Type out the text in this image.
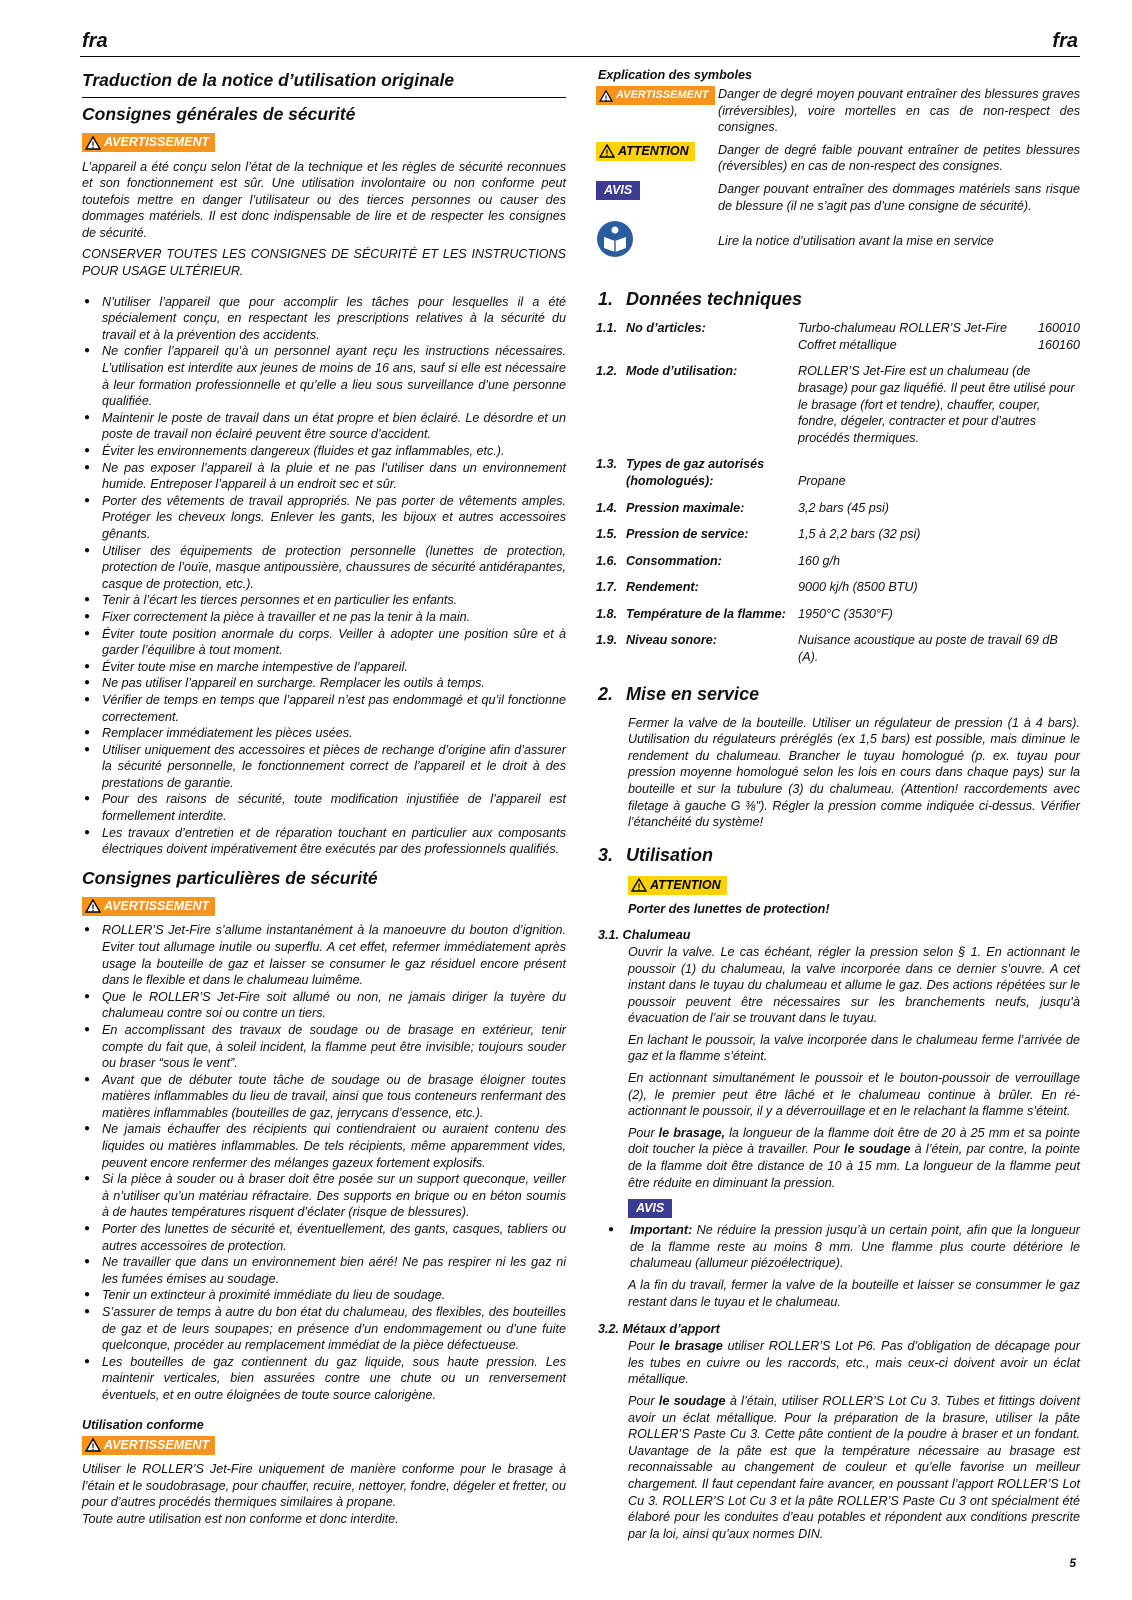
fra	fra
Traduction de la notice d’utilisation originale
Consignes générales de sécurité
! AVERTISSEMENT
L’appareil a été conçu selon l’état de la technique et les règles de sécurité reconnues et son fonctionnement est sûr. Une utilisation involontaire ou non conforme peut toutefois mettre en danger l’utilisateur ou des tierces personnes ou causer des dommages matériels. Il est donc indispensable de lire et de respecter les consignes de sécurité.
CONSERVER TOUTES LES CONSIGNES DE SÉCURITÉ ET LES INSTRUCTIONS POUR USAGE ULTÉRIEUR.
● N’utiliser l’appareil que pour accomplir les tâches pour lesquelles il a été spécialement conçu, en respectant les prescriptions relatives à la sécurité du travail et à la prévention des accidents.
● Ne confier l’appareil qu’à un personnel ayant reçu les instructions nécessaires. L’utilisation est interdite aux jeunes de moins de 16 ans, sauf si elle est nécessaire à leur formation professionnelle et qu’elle a lieu sous surveillance d’une personne qualifiée.
● Maintenir le poste de travail dans un état propre et bien éclairé. Le désordre et un poste de travail non éclairé peuvent être source d’accident.
● Éviter les environnements dangereux (fluides et gaz inflammables, etc.).
● Ne pas exposer l’appareil à la pluie et ne pas l’utiliser dans un environnement humide. Entreposer l’appareil à un endroit sec et sûr.
● Porter des vêtements de travail appropriés. Ne pas porter de vêtements amples. Protéger les cheveux longs. Enlever les gants, les bijoux et autres accessoires gênants.
● Utiliser des équipements de protection personnelle (lunettes de protection, protection de l’ouïe, masque antipoussière, chaussures de sécurité antidérapantes, casque de protection, etc.).
● Tenir à l’écart les tierces personnes et en particulier les enfants.
● Fixer correctement la pièce à travailler et ne pas la tenir à la main.
● Éviter toute position anormale du corps. Veiller à adopter une position sûre et à garder l’équilibre à tout moment.
● Éviter toute mise en marche intempestive de l’appareil.
● Ne pas utiliser l’appareil en surcharge. Remplacer les outils à temps.
● Vérifier de temps en temps que l’appareil n’est pas endommagé et qu’il fonctionne correctement.
● Remplacer immédiatement les pièces usées.
● Utiliser uniquement des accessoires et pièces de rechange d’origine afin d’assurer la sécurité personnelle, le fonctionnement correct de l’appareil et le droit à des prestations de garantie.
● Pour des raisons de sécurité, toute modification injustifiée de l’appareil est formellement interdite.
● Les travaux d’entretien et de réparation touchant en particulier aux composants électriques doivent impérativement être exécutés par des professionnels qualifiés.
Consignes particulières de sécurité
! AVERTISSEMENT
● ROLLER’S Jet-Fire s’allume instantanément à la manoeuvre du bouton d’ignition. Eviter tout allumage inutile ou superflu. A cet effet, refermer immédiatement après usage la bouteille de gaz et laisser se consumer le gaz résiduel encore présent dans le flexible et dans le chalumeau luimême.
● Que le ROLLER’S Jet-Fire soit allumé ou non, ne jamais diriger la tuyère du chalumeau contre soi ou contre un tiers.
● En accomplissant des travaux de soudage ou de brasage en extérieur, tenir compte du fait que, à soleil incident, la flamme peut être invisible; toujours souder ou braser “sous le vent”.
● Avant que de débuter toute tâche de soudage ou de brasage éloigner toutes matières inflammables du lieu de travail, ainsi que tous conteneurs renfermant des matières inflammables (bouteilles de gaz, jerrycans d’essence, etc.).
● Ne jamais échauffer des récipients qui contiendraient ou auraient contenu des liquides ou matières inflammables. De tels récipients, même apparemment vides, peuvent encore renfermer des mélanges gazeux fortement explosifs.
● Si la pièce à souder ou à braser doit être posée sur un support queconque, veiller à n’utiliser qu’un matériau réfractaire. Des supports en brique ou en béton soumis à de hautes températures risquent d’éclater (risque de blessures).
● Porter des lunettes de sécurité et, éventuellement, des gants, casques, tabliers ou autres accessoires de protection.
● Ne travailler que dans un environnement bien aéré! Ne pas respirer ni les gaz ni les fumées émises au soudage.
● Tenir un extincteur à proximité immédiate du lieu de soudage.
● S’assurer de temps à autre du bon état du chalumeau, des flexibles, des bouteilles de gaz et de leurs soupapes; en présence d’un endommagement ou d’une fuite quelconque, procéder au remplacement immédiat de la pièce défectueuse.
● Les bouteilles de gaz contiennent du gaz liquide, sous haute pression. Les maintenir verticales, bien assurées contre une chute ou un renversement éventuels, et en outre éloignées de toute source calorigène.
Utilisation conforme
! AVERTISSEMENT
Utiliser le ROLLER’S Jet-Fire uniquement de manière conforme pour le brasage à l’étain et le soudobrasage, pour chauffer, recuire, nettoyer, fondre, dégeler et fretter, ou pour d’autres procédés thermiques similaires à propane.
Toute autre utilisation est non conforme et donc interdite.
Explication des symboles
! AVERTISSEMENT Danger de degré moyen pouvant entraîner des blessures graves (irréversibles), voire mortelles en cas de non-respect des consignes.
! ATTENTION Danger de degré faible pouvant entraîner de petites blessures (réversibles) en cas de non-respect des consignes.
AVIS	Danger pouvant entraîner des dommages matériels sans risque de blessure (il ne s’agit pas d’une consigne de sécurité).
Lire la notice d’utilisation avant la mise en service
1. Données techniques
1.1.	No d’articles:	Turbo-chalumeau ROLLER’S Jet-Fire 160010
Coffret métallique 160160

1.2.	Mode d’utilisation:	ROLLER’S Jet-Fire est un chalumeau (de brasage) pour gaz liquéfié. Il peut être utilisé pour le brasage (fort et tendre), chauffer, couper, fondre, dégeler, contracter et pour d’autres procédés thermiques.

1.3.	Types de gaz autorisés
(homologués):	Propane

1.4.	Pression maximale:	3,2 bars (45 psi)

1.5.	Pression de service:	1,5 à 2,2 bars (32 psi)

1.6.	Consommation:	160 g/h

1.7.	Rendement:	9000 kj/h (8500 BTU)

1.8.	Température de la flamme:	1950°C (3530°F)

1.9.	Niveau sonore:	Nuisance acoustique au poste de travail 69 dB (A).
2. Mise en service
Fermer la valve de la bouteille. Utiliser un régulateur de pression (1 à 4 bars). Uutilisation du régulateurs préréglés (ex 1,5 bars) est possible, mais diminue le rendement du chalumeau. Brancher le tuyau homologué (p. ex. tuyau pour pression moyenne homologué selon les lois en cours dans chaque pays) sur la bouteille et sur la tubulure (3) du chalumeau. (Attention! raccordements avec filetage à gauche G ⅜"). Régler la pression comme indiquée ci-dessus. Vérifier l’étanchéité du système!
3. Utilisation
! ATTENTION
Porter des lunettes de protection!
3.1. Chalumeau
Ouvrir la valve. Le cas échéant, régler la pression selon § 1. En actionnant le poussoir (1) du chalumeau, la valve incorporée dans ce dernier s’ouvre. A cet instant dans le tuyau du chalumeau et allume le gaz. Des actions répétées sur le poussoir peuvent être nécessaires sur les branchements neufs, jusqu’à évacuation de l’air se trouvant dans le tuyau.
En lachant le poussoir, la valve incorporée dans le chalumeau ferme l’arrivée de gaz et la flamme s’éteint.
En actionnant simultanément le poussoir et le bouton-poussoir de verrouillage (2), le premier peut être lâché et le chalumeau continue à brûler. En ré-actionnant le poussoir, il y a déverrouillage et en le relachant la flamme s’éteint.
Pour le brasage, la longueur de la flamme doit être de 20 à 25 mm et sa pointe doit toucher la pièce à travailler. Pour le soudage à l’étein, par contre, la pointe de la flamme doit être distance de 10 à 15 mm. La longueur de la flamme peut être réduite en diminuant la pression.
AVIS
● Important: Ne réduire la pression jusqu’à un certain point, afin que la longueur de la flamme reste au moins 8 mm. Une flamme plus courte détériore le chalumeau (allumeur piézoélectrique).
A la fin du travail, fermer la valve de la bouteille et laisser se consummer le gaz restant dans le tuyau et le chalumeau.
3.2. Métaux d’apport
Pour le brasage utiliser ROLLER’S Lot P6. Pas d’obligation de décapage pour les tubes en cuivre ou les raccords, etc., mais ceux-ci doivent avoir un éclat métallique.
Pour le soudage à l’étain, utiliser ROLLER’S Lot Cu 3. Tubes et fittings doivent avoir un éclat métallique. Pour la préparation de la brasure, utiliser la pâte ROLLER’S Paste Cu 3. Cette pâte contient de la poudre à braser et un fondant. Uavantage de la pâte est que la température nécessaire au brasage est reconnaissable au changement de couleur et qu’elle favorise un meilleur chargement. Il faut cependant faire avancer, en poussant l’apport ROLLER’S Lot Cu 3. ROLLER’S Lot Cu 3 et la pâte ROLLER’S Paste Cu 3 ont spécialment été élaboré pour les conduites d’eau potables et répondent aux conditions prescrite par la loi, ainsi qu’aux normes DIN.
5
